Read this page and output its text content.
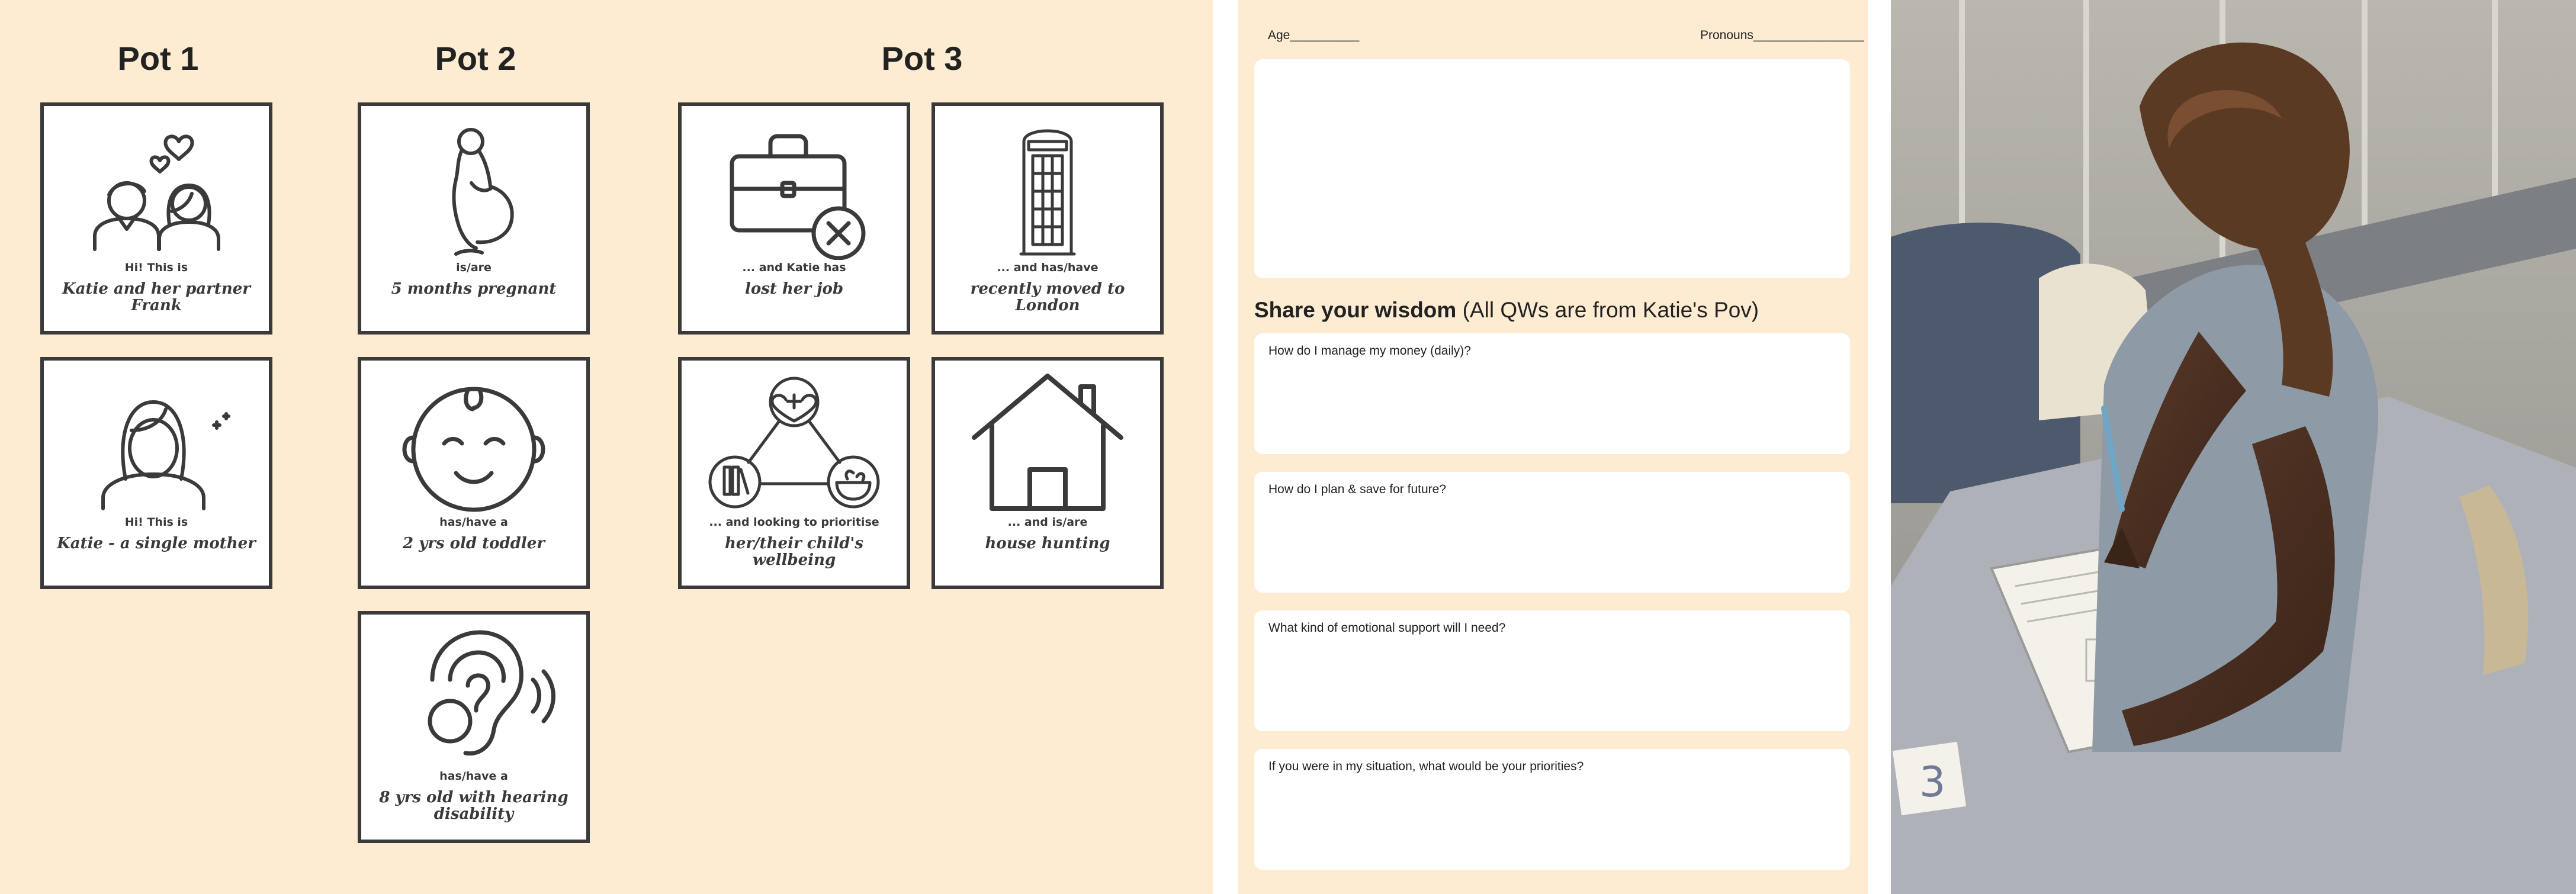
Pot 1	Pot 2	Pot 3
Hi! This is
Katie and her partner Frank
Hi! This is
Katie - a single mother
is/are
5 months pregnant
has/have a
2 yrs old toddler
has/have a
8 yrs old with hearing disability
... and Katie has
lost her job
... and has/have
recently moved to London
... and looking to prioritise
her/their child's wellbeing
... and is/are
house hunting
Age__________	Pronouns________________
Share your wisdom (All QWs are from Katie's Pov)
How do I manage my money (daily)?
How do I plan & save for future?
What kind of emotional support will I need?
If you were in my situation, what would be your priorities?	3
